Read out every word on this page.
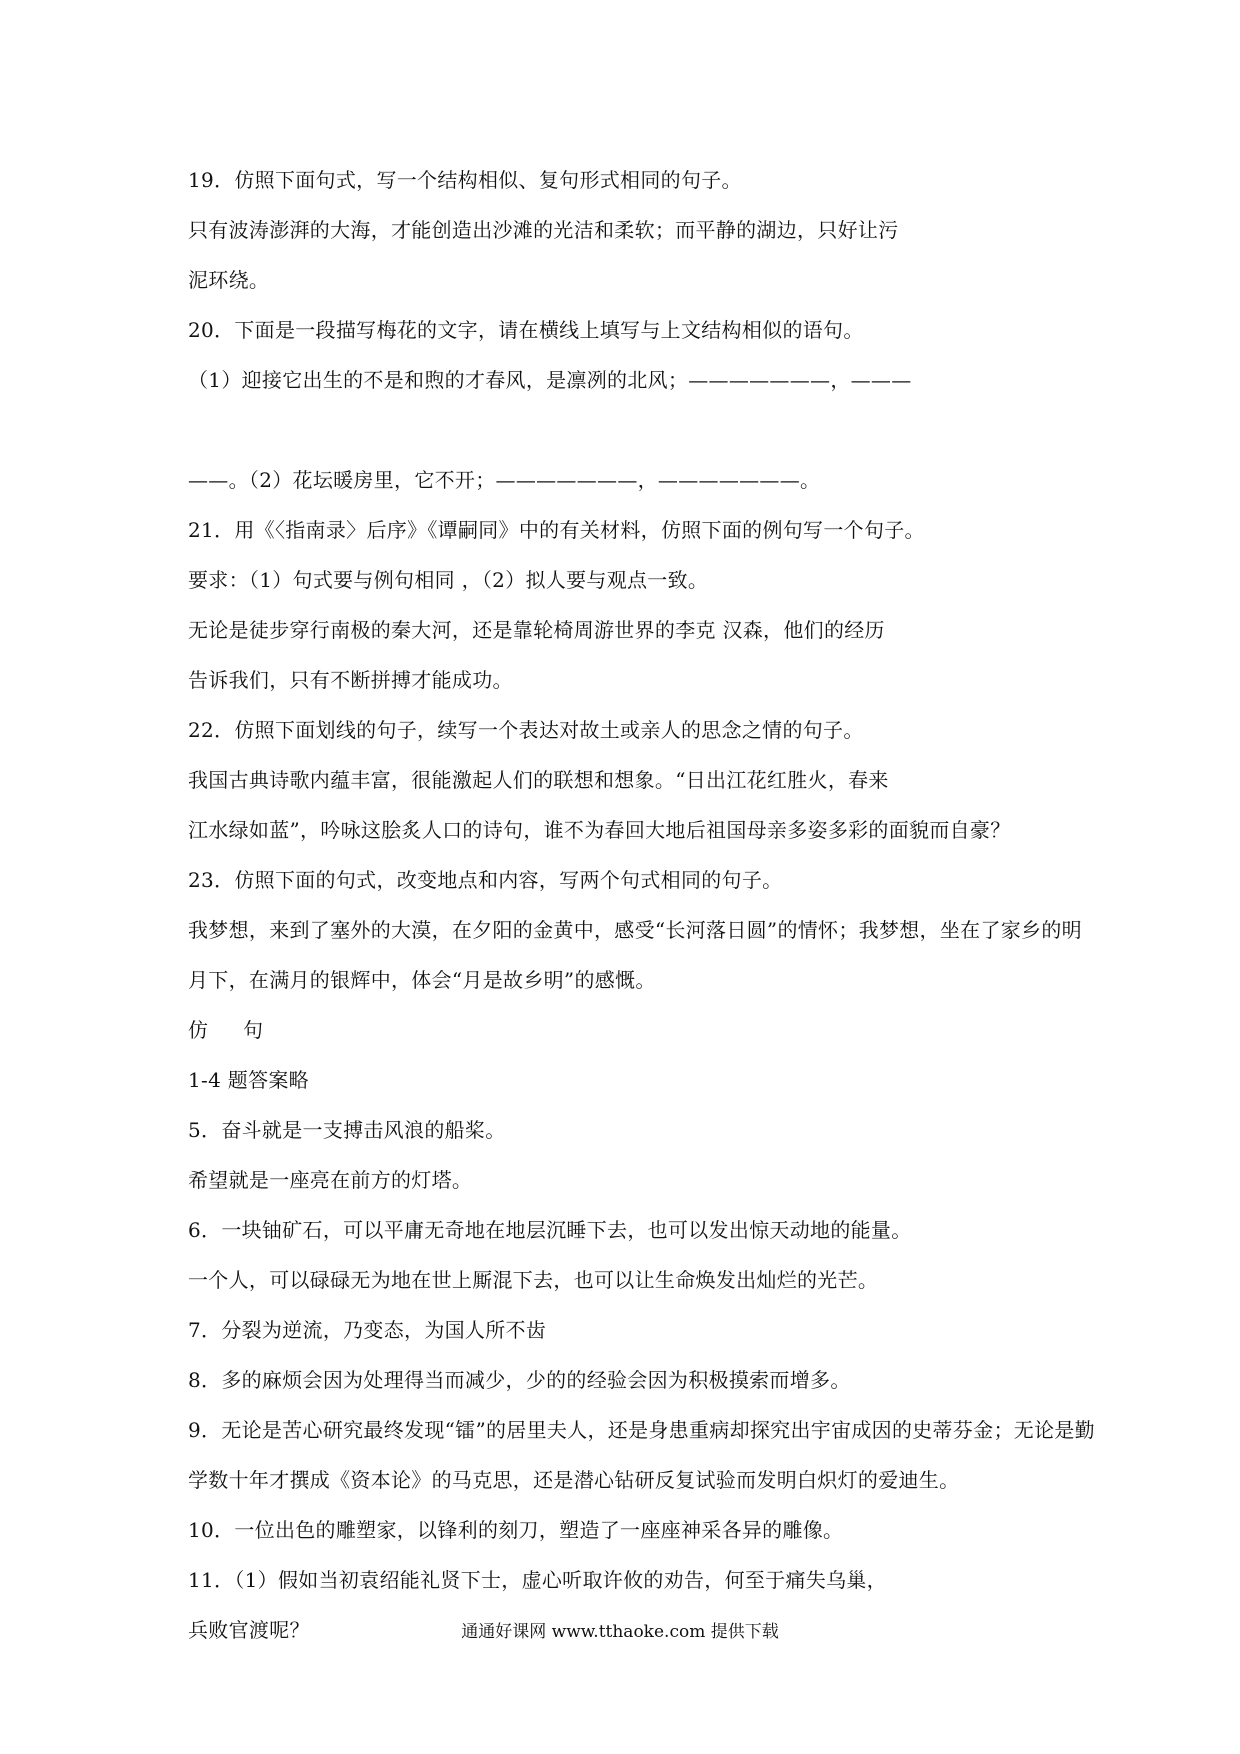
19．仿照下面句式，写一个结构相似、复句形式相同的句子。
只有波涛澎湃的大海，才能创造出沙滩的光洁和柔软；而平静的湖边，只好让污
泥环绕。
20．下面是一段描写梅花的文字，请在横线上填写与上文结构相似的语句。
（1）迎接它出生的不是和煦的才春风，是凛冽的北风；———————，———
——。（2）花坛暖房里，它不开；———————，———————。
21．用《〈指南录〉后序》《谭嗣同》中的有关材料，仿照下面的例句写一个句子。
要求：（1）句式要与例句相同 ，（2）拟人要与观点一致。
无论是徒步穿行南极的秦大河，还是靠轮椅周游世界的李克 汉森，他们的经历
告诉我们，只有不断拼搏才能成功。
22．仿照下面划线的句子，续写一个表达对故土或亲人的思念之情的句子。
我国古典诗歌内蕴丰富，很能激起人们的联想和想象。“日出江花红胜火，春来
江水绿如蓝”，吟咏这脍炙人口的诗句，谁不为春回大地后祖国母亲多姿多彩的面貌而自豪？
23．仿照下面的句式，改变地点和内容，写两个句式相同的句子。
我梦想，来到了塞外的大漠，在夕阳的金黄中，感受“长河落日圆”的情怀；我梦想，坐在了家乡的明
月下，在满月的银辉中，体会“月是故乡明”的感慨。
仿 句
1-4 题答案略
5．奋斗就是一支搏击风浪的船桨。
希望就是一座亮在前方的灯塔。
6．一块铀矿石，可以平庸无奇地在地层沉睡下去，也可以发出惊天动地的能量。
一个人，可以碌碌无为地在世上厮混下去，也可以让生命焕发出灿烂的光芒。
7．分裂为逆流，乃变态，为国人所不齿
8．多的麻烦会因为处理得当而减少，少的的经验会因为积极摸索而增多。
9．无论是苦心研究最终发现“镭”的居里夫人，还是身患重病却探究出宇宙成因的史蒂芬金；无论是勤
学数十年才撰成《资本论》的马克思，还是潜心钻研反复试验而发明白炽灯的爱迪生。
10．一位出色的雕塑家，以锋利的刻刀，塑造了一座座神采各异的雕像。
11．（1）假如当初袁绍能礼贤下士，虚心听取许攸的劝告，何至于痛失乌巢，
兵败官渡呢？	通通好课网 www.tthaoke.com 提供下载
